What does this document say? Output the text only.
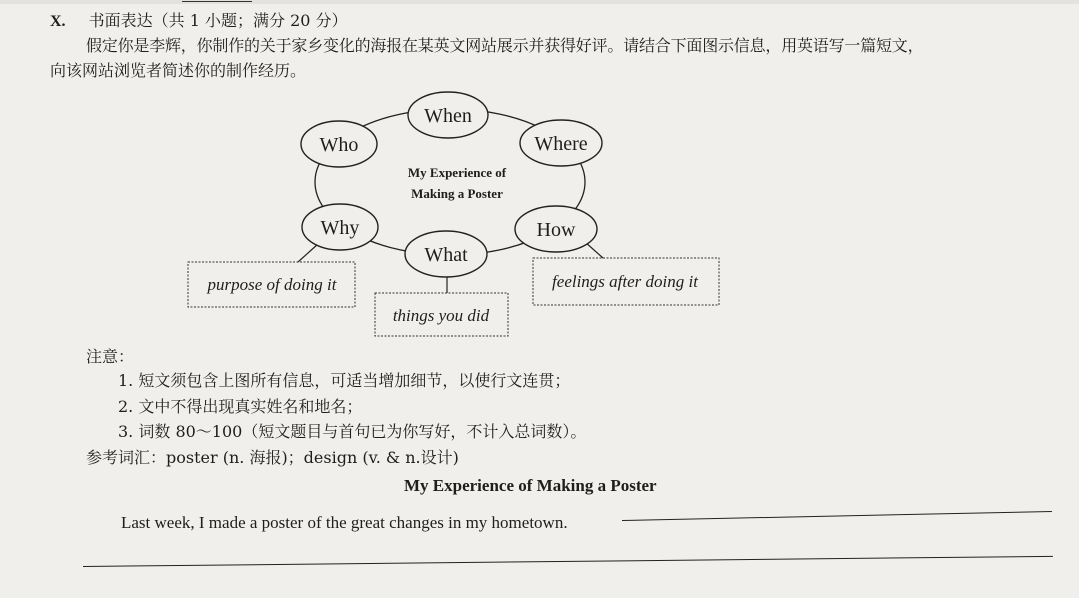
X. 书面表达（共 1 小题；满分 20 分）
假定你是李辉，你制作的关于家乡变化的海报在某英文网站展示并获得好评。请结合下面图示信息，用英语写一篇短文，
向该网站浏览者简述你的制作经历。
When
Who	Where
Why	How
What
My Experience of
Making a Poster
purpose of doing it
things you did
feelings after doing it
注意：
1. 短文须包含上图所有信息，可适当增加细节，以使行文连贯；
2. 文中不得出现真实姓名和地名；
3. 词数 80～100（短文题目与首句已为你写好，不计入总词数）。
参考词汇：poster (n. 海报)；design (v. & n.设计)
My Experience of Making a Poster
Last week, I made a poster of the great changes in my hometown.
